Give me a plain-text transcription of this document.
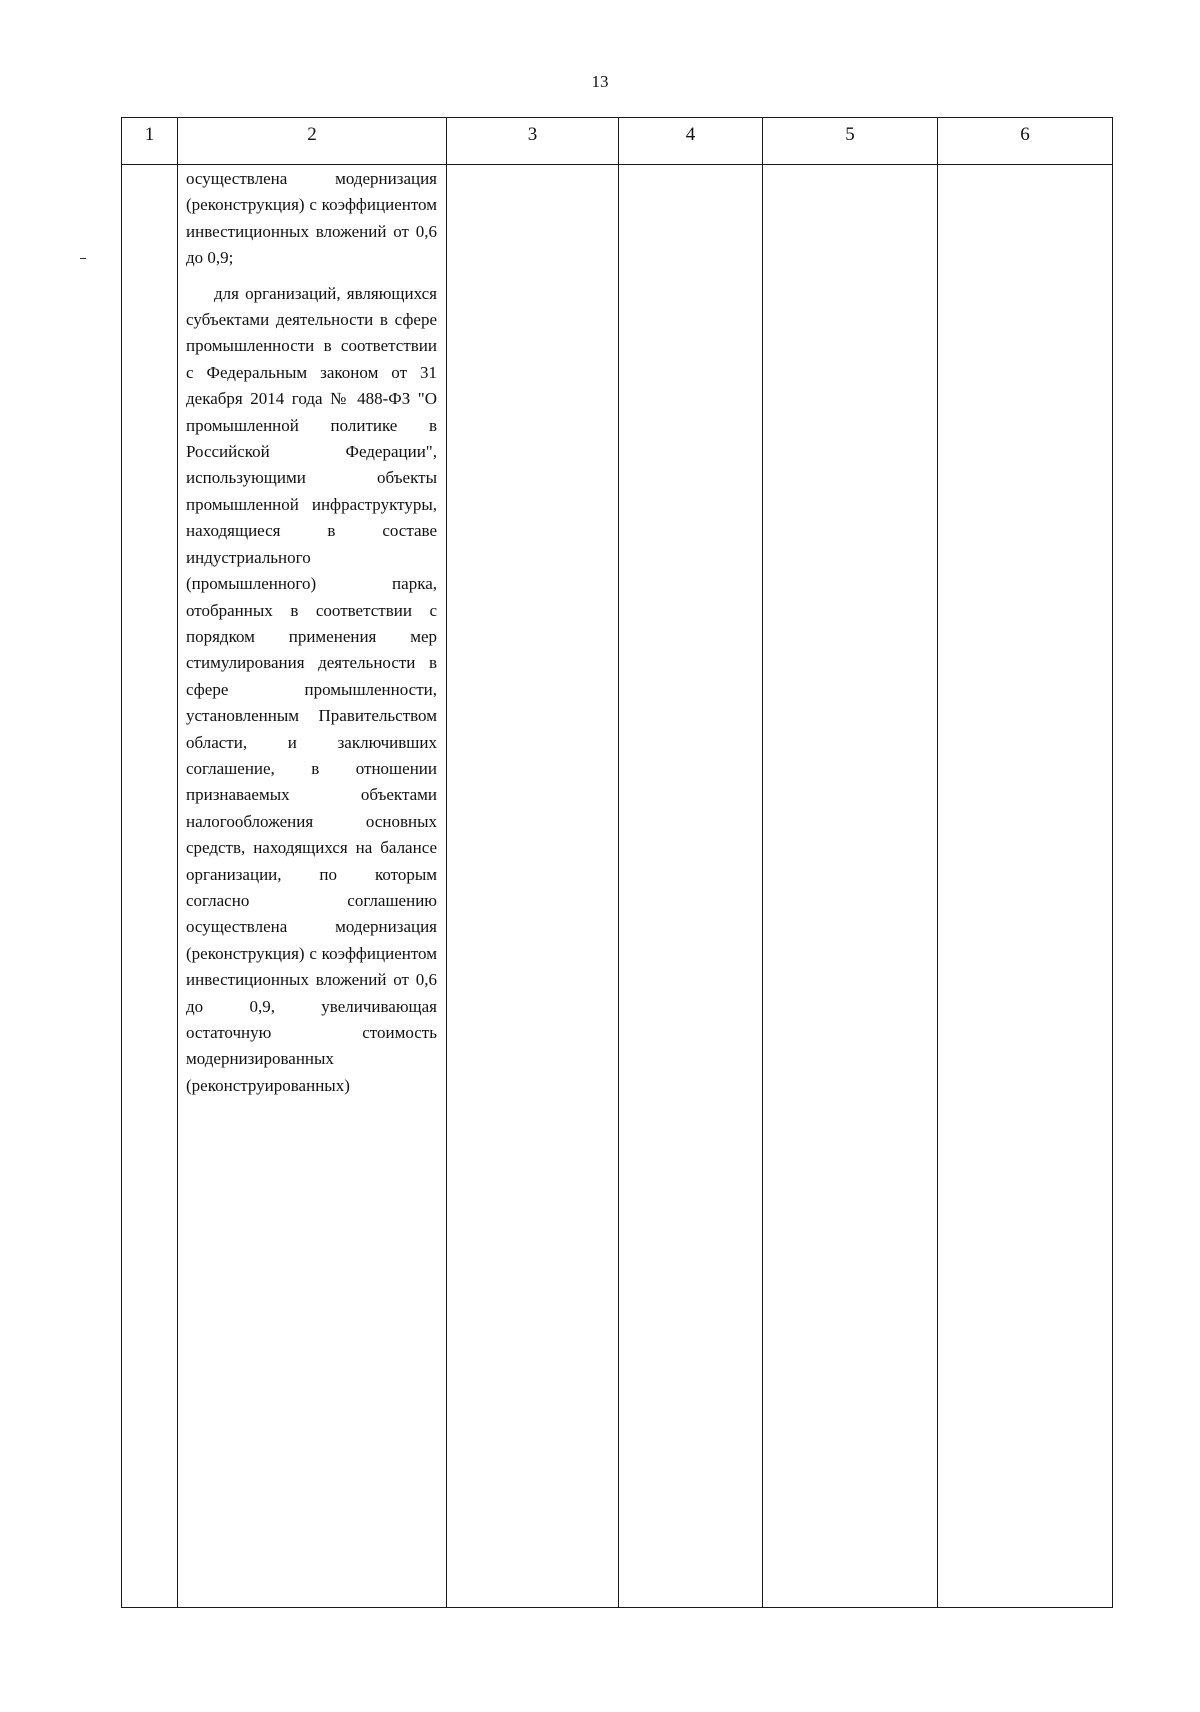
13
1	2	3	4	5	6

	осуществлена модернизация (реконструкция) с коэффициентом инвестиционных вложений от 0,6 до 0,9;

для организаций, являющихся субъектами деятельности в сфере промышленности в соответствии с Федеральным законом от 31 декабря 2014 года № 488-ФЗ "О промышленной политике в Российской Федерации", использующими объекты промышленной инфраструктуры, находящиеся в составе индустриального (промышленного) парка, отобранных в соответствии с порядком применения мер стимулирования деятельности в сфере промышленности, установленным Правительством области, и заключивших соглашение, в отношении признаваемых объектами налогообложения основных средств, находящихся на балансе организации, по которым согласно соглашению осуществлена модернизация (реконструкция) с коэффициентом инвестиционных вложений от 0,6 до 0,9, увеличивающая остаточную стоимость модернизированных (реконструированных)				
